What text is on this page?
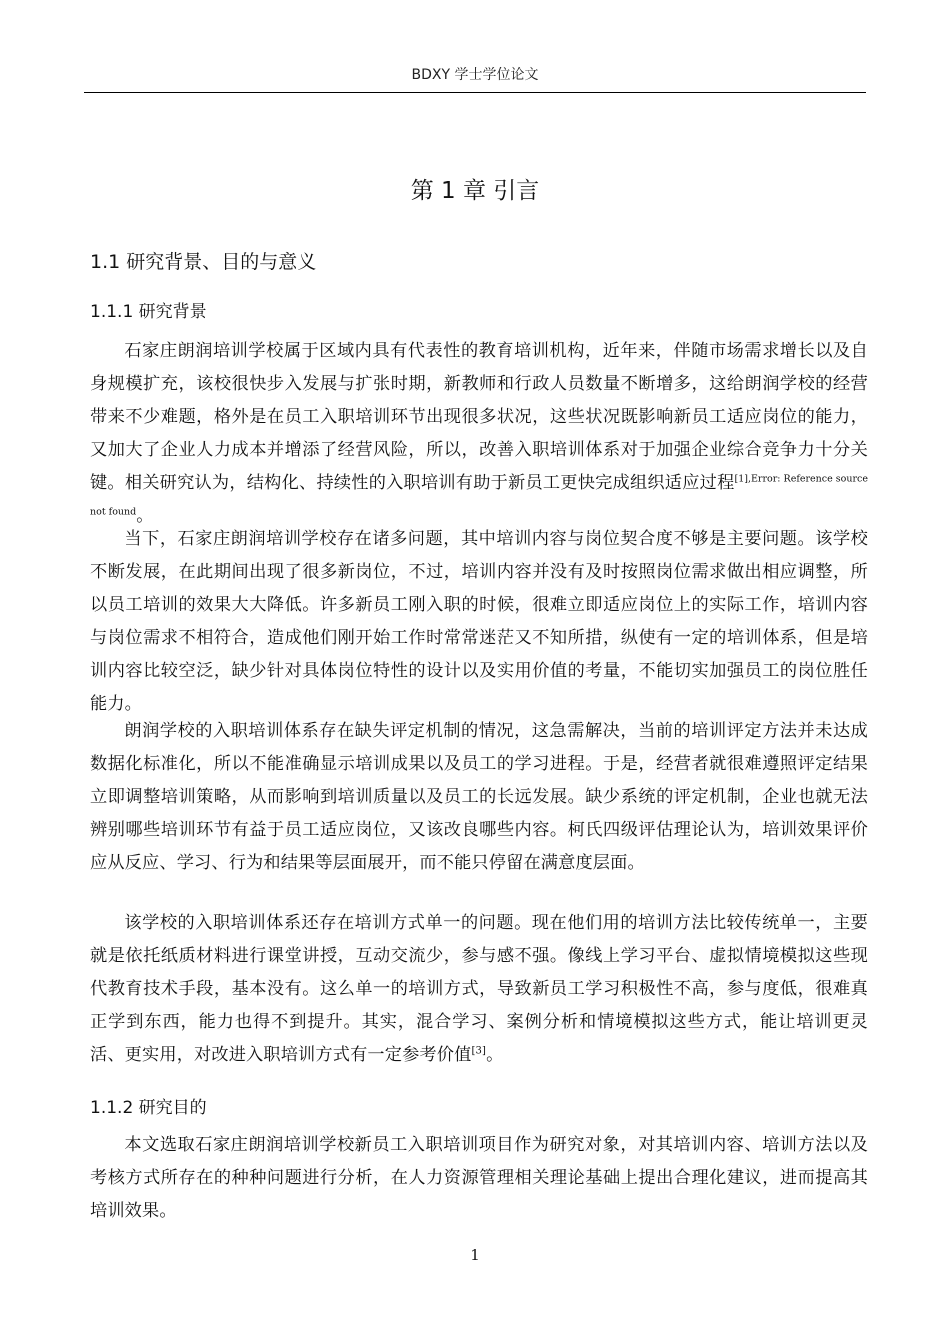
BDXY 学士学位论文
第 1 章 引言
1.1 研究背景、目的与意义
1.1.1 研究背景

石家庄朗润培训学校属于区域内具有代表性的教育培训机构，近年来，伴随市场需求增长以及自身规模扩充，该校很快步入发展与扩张时期，新教师和行政人员数量不断增多，这给朗润学校的经营带来不少难题，格外是在员工入职培训环节出现很多状况，这些状况既影响新员工适应岗位的能力，又加大了企业人力成本并增添了经营风险，所以，改善入职培训体系对于加强企业综合竞争力十分关键。相关研究认为，结构化、持续性的入职培训有助于新员工更快完成组织适应过程$^{[1],Error: Reference source not found}$。

当下，石家庄朗润培训学校存在诸多问题，其中培训内容与岗位契合度不够是主要问题。该学校不断发展，在此期间出现了很多新岗位，不过，培训内容并没有及时按照岗位需求做出相应调整，所以员工培训的效果大大降低。许多新员工刚入职的时候，很难立即适应岗位上的实际工作，培训内容与岗位需求不相符合，造成他们刚开始工作时常常迷茫又不知所措，纵使有一定的培训体系，但是培训内容比较空泛，缺少针对具体岗位特性的设计以及实用价值的考量，不能切实加强员工的岗位胜任能力。

朗润学校的入职培训体系存在缺失评定机制的情况，这急需解决，当前的培训评定方法并未达成数据化标准化，所以不能准确显示培训成果以及员工的学习进程。于是，经营者就很难遵照评定结果立即调整培训策略，从而影响到培训质量以及员工的长远发展。缺少系统的评定机制，企业也就无法辨别哪些培训环节有益于员工适应岗位，又该改良哪些内容。柯氏四级评估理论认为，培训效果评价应从反应、学习、行为和结果等层面展开，而不能只停留在满意度层面。

该学校的入职培训体系还存在培训方式单一的问题。现在他们用的培训方法比较传统单一，主要就是依托纸质材料进行课堂讲授，互动交流少，参与感不强。像线上学习平台、虚拟情境模拟这些现代教育技术手段，基本没有。这么单一的培训方式，导致新员工学习积极性不高，参与度低，很难真正学到东西，能力也得不到提升。其实，混合学习、案例分析和情境模拟这些方式，能让培训更灵活、更实用，对改进入职培训方式有一定参考价值[3]。

1.1.2 研究目的

本文选取石家庄朗润培训学校新员工入职培训项目作为研究对象，对其培训内容、培训方法以及考核方式所存在的种种问题进行分析，在人力资源管理相关理论基础上提出合理化建议，进而提高其培训效果。

1
